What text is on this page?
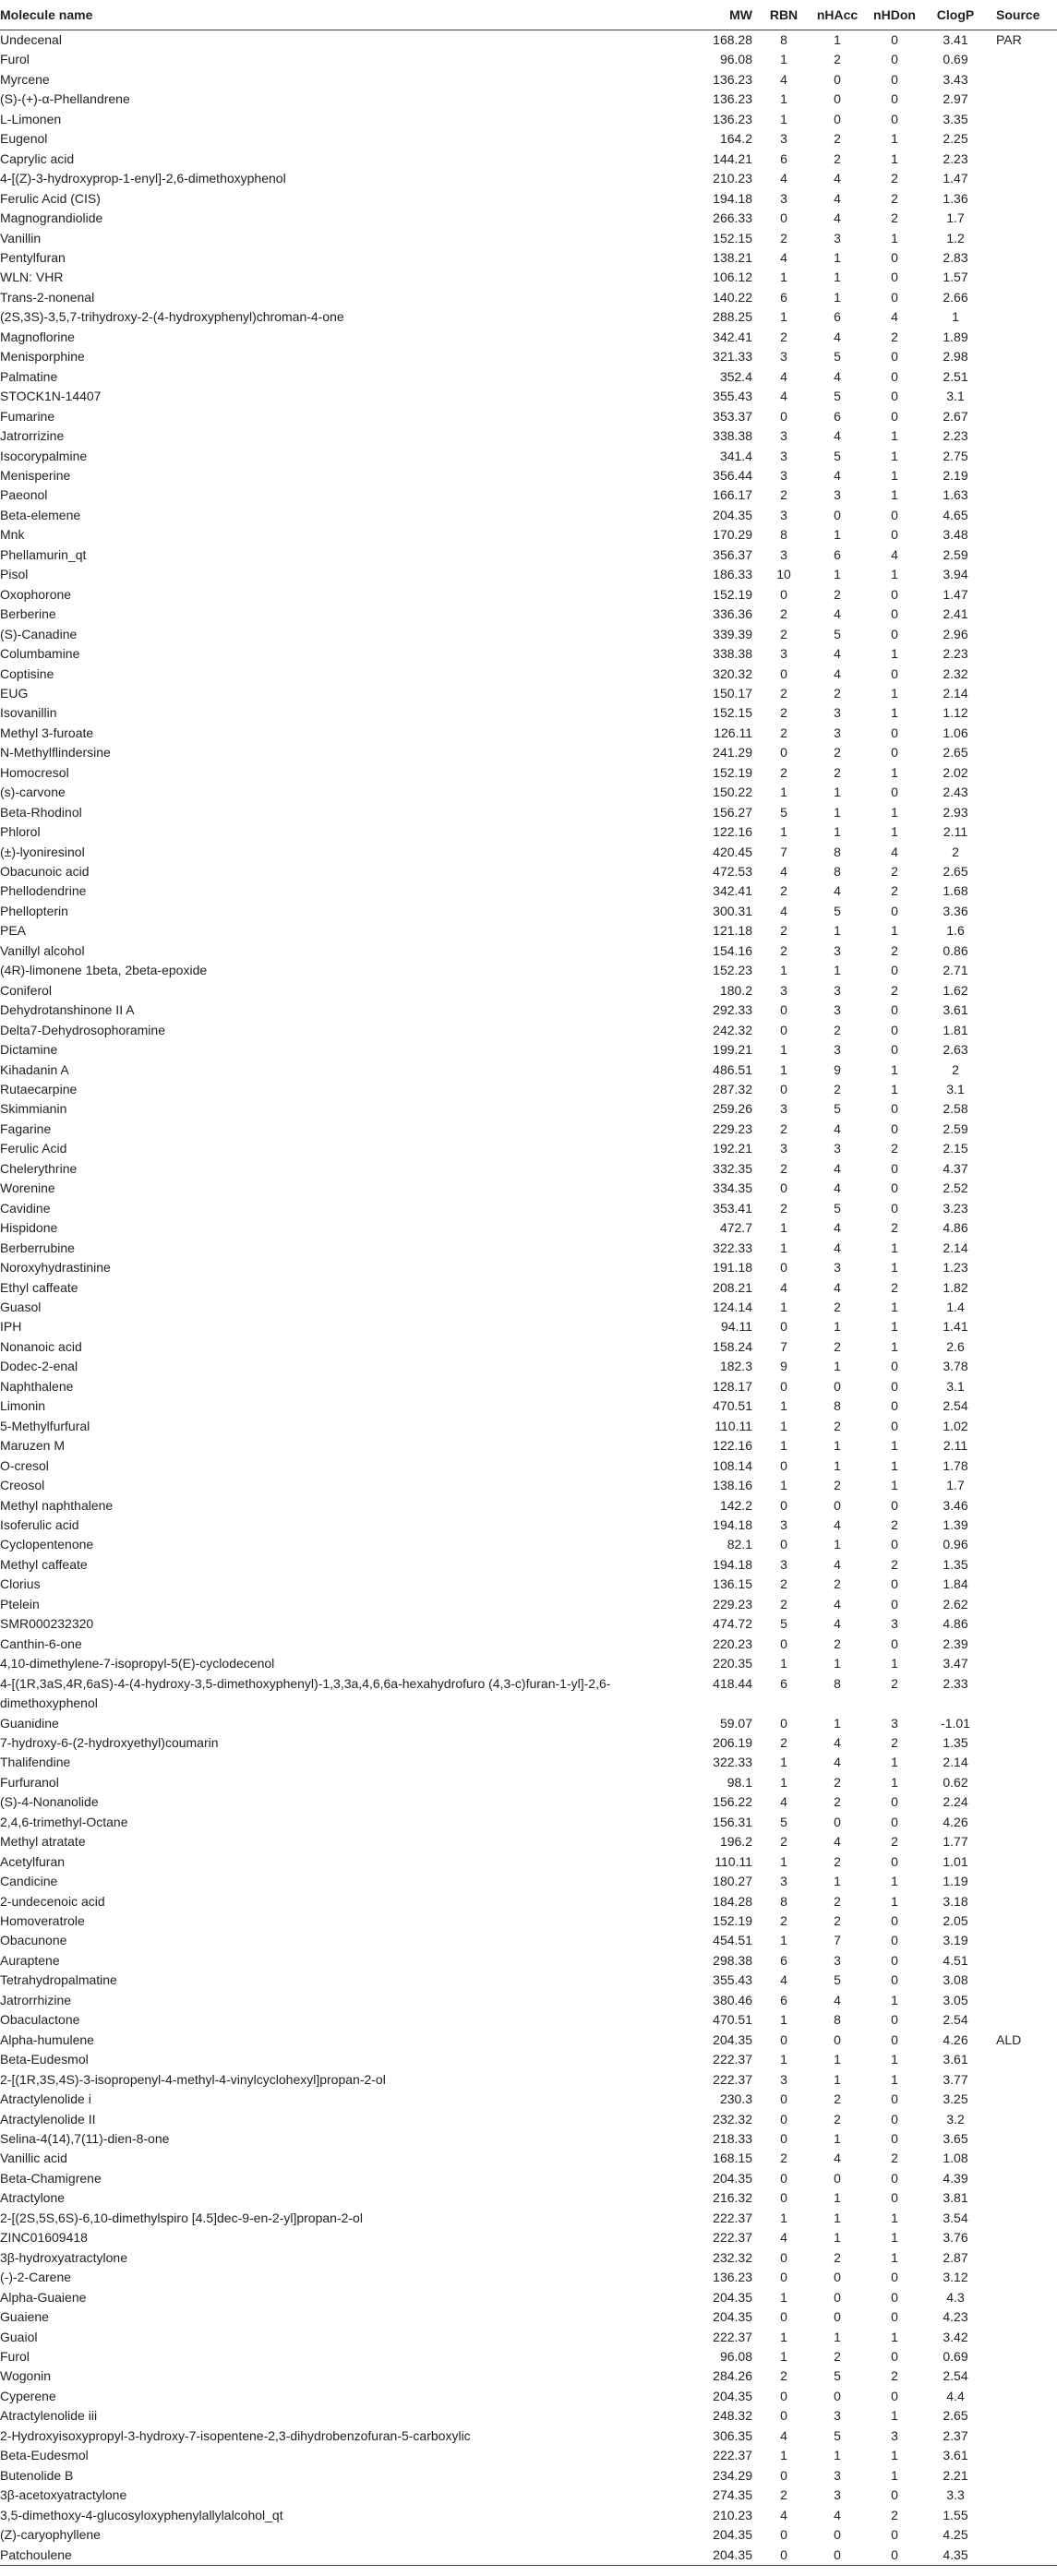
Molecule name	MW	RBN	nHAcc	nHDon	ClogP	Source
Undecenal	168.28	8	1	0	3.41	PAR
Furol	96.08	1	2	0	0.69	
Myrcene	136.23	4	0	0	3.43	
(S)-(+)-α-Phellandrene	136.23	1	0	0	2.97	
L-Limonen	136.23	1	0	0	3.35	
Eugenol	164.2	3	2	1	2.25	
Caprylic acid	144.21	6	2	1	2.23	
4-[(Z)-3-hydroxyprop-1-enyl]-2,6-dimethoxyphenol	210.23	4	4	2	1.47	
Ferulic Acid (CIS)	194.18	3	4	2	1.36	
Magnograndiolide	266.33	0	4	2	1.7	
Vanillin	152.15	2	3	1	1.2	
Pentylfuran	138.21	4	1	0	2.83	
WLN: VHR	106.12	1	1	0	1.57	
Trans-2-nonenal	140.22	6	1	0	2.66	
(2S,3S)-3,5,7-trihydroxy-2-(4-hydroxyphenyl)chroman-4-one	288.25	1	6	4	1	
Magnoflorine	342.41	2	4	2	1.89	
Menisporphine	321.33	3	5	0	2.98	
Palmatine	352.4	4	4	0	2.51	
STOCK1N-14407	355.43	4	5	0	3.1	
Fumarine	353.37	0	6	0	2.67	
Jatrorrizine	338.38	3	4	1	2.23	
Isocorypalmine	341.4	3	5	1	2.75	
Menisperine	356.44	3	4	1	2.19	
Paeonol	166.17	2	3	1	1.63	
Beta-elemene	204.35	3	0	0	4.65	
Mnk	170.29	8	1	0	3.48	
Phellamurin_qt	356.37	3	6	4	2.59	
Pisol	186.33	10	1	1	3.94	
Oxophorone	152.19	0	2	0	1.47	
Berberine	336.36	2	4	0	2.41	
(S)-Canadine	339.39	2	5	0	2.96	
Columbamine	338.38	3	4	1	2.23	
Coptisine	320.32	0	4	0	2.32	
EUG	150.17	2	2	1	2.14	
Isovanillin	152.15	2	3	1	1.12	
Methyl 3-furoate	126.11	2	3	0	1.06	
N-Methylflindersine	241.29	0	2	0	2.65	
Homocresol	152.19	2	2	1	2.02	
(s)-carvone	150.22	1	1	0	2.43	
Beta-Rhodinol	156.27	5	1	1	2.93	
Phlorol	122.16	1	1	1	2.11	
(±)-lyoniresinol	420.45	7	8	4	2	
Obacunoic acid	472.53	4	8	2	2.65	
Phellodendrine	342.41	2	4	2	1.68	
Phellopterin	300.31	4	5	0	3.36	
PEA	121.18	2	1	1	1.6	
Vanillyl alcohol	154.16	2	3	2	0.86	
(4R)-limonene 1beta, 2beta-epoxide	152.23	1	1	0	2.71	
Coniferol	180.2	3	3	2	1.62	
Dehydrotanshinone II A	292.33	0	3	0	3.61	
Delta7-Dehydrosophoramine	242.32	0	2	0	1.81	
Dictamine	199.21	1	3	0	2.63	
Kihadanin A	486.51	1	9	1	2	
Rutaecarpine	287.32	0	2	1	3.1	
Skimmianin	259.26	3	5	0	2.58	
Fagarine	229.23	2	4	0	2.59	
Ferulic Acid	192.21	3	3	2	2.15	
Chelerythrine	332.35	2	4	0	4.37	
Worenine	334.35	0	4	0	2.52	
Cavidine	353.41	2	5	0	3.23	
Hispidone	472.7	1	4	2	4.86	
Berberrubine	322.33	1	4	1	2.14	
Noroxyhydrastinine	191.18	0	3	1	1.23	
Ethyl caffeate	208.21	4	4	2	1.82	
Guasol	124.14	1	2	1	1.4	
IPH	94.11	0	1	1	1.41	
Nonanoic acid	158.24	7	2	1	2.6	
Dodec-2-enal	182.3	9	1	0	3.78	
Naphthalene	128.17	0	0	0	3.1	
Limonin	470.51	1	8	0	2.54	
5-Methylfurfural	110.11	1	2	0	1.02	
Maruzen M	122.16	1	1	1	2.11	
O-cresol	108.14	0	1	1	1.78	
Creosol	138.16	1	2	1	1.7	
Methyl naphthalene	142.2	0	0	0	3.46	
Isoferulic acid	194.18	3	4	2	1.39	
Cyclopentenone	82.1	0	1	0	0.96	
Methyl caffeate	194.18	3	4	2	1.35	
Clorius	136.15	2	2	0	1.84	
Ptelein	229.23	2	4	0	2.62	
SMR000232320	474.72	5	4	3	4.86	
Canthin-6-one	220.23	0	2	0	2.39	
4,10-dimethylene-7-isopropyl-5(E)-cyclodecenol	220.35	1	1	1	3.47	
4-[(1R,3aS,4R,6aS)-4-(4-hydroxy-3,5-dimethoxyphenyl)-1,3,3a,4,6,6a-hexahydrofuro (4,3-c)furan-1-yl]-2,6-dimethoxyphenol	418.44	6	8	2	2.33	
Guanidine	59.07	0	1	3	-1.01	
7-hydroxy-6-(2-hydroxyethyl)coumarin	206.19	2	4	2	1.35	
Thalifendine	322.33	1	4	1	2.14	
Furfuranol	98.1	1	2	1	0.62	
(S)-4-Nonanolide	156.22	4	2	0	2.24	
2,4,6-trimethyl-Octane	156.31	5	0	0	4.26	
Methyl atratate	196.2	2	4	2	1.77	
Acetylfuran	110.11	1	2	0	1.01	
Candicine	180.27	3	1	1	1.19	
2-undecenoic acid	184.28	8	2	1	3.18	
Homoveratrole	152.19	2	2	0	2.05	
Obacunone	454.51	1	7	0	3.19	
Auraptene	298.38	6	3	0	4.51	
Tetrahydropalmatine	355.43	4	5	0	3.08	
Jatrorrhizine	380.46	6	4	1	3.05	
Obaculactone	470.51	1	8	0	2.54	
Alpha-humulene	204.35	0	0	0	4.26	ALD
Beta-Eudesmol	222.37	1	1	1	3.61	
2-[(1R,3S,4S)-3-isopropenyl-4-methyl-4-vinylcyclohexyl]propan-2-ol	222.37	3	1	1	3.77	
Atractylenolide i	230.3	0	2	0	3.25	
Atractylenolide II	232.32	0	2	0	3.2	
Selina-4(14),7(11)-dien-8-one	218.33	0	1	0	3.65	
Vanillic acid	168.15	2	4	2	1.08	
Beta-Chamigrene	204.35	0	0	0	4.39	
Atractylone	216.32	0	1	0	3.81	
2-[(2S,5S,6S)-6,10-dimethylspiro [4.5]dec-9-en-2-yl]propan-2-ol	222.37	1	1	1	3.54	
ZINC01609418	222.37	4	1	1	3.76	
3β-hydroxyatractylone	232.32	0	2	1	2.87	
(-)-2-Carene	136.23	0	0	0	3.12	
Alpha-Guaiene	204.35	1	0	0	4.3	
Guaiene	204.35	0	0	0	4.23	
Guaiol	222.37	1	1	1	3.42	
Furol	96.08	1	2	0	0.69	
Wogonin	284.26	2	5	2	2.54	
Cyperene	204.35	0	0	0	4.4	
Atractylenolide iii	248.32	0	3	1	2.65	
2-Hydroxyisoxypropyl-3-hydroxy-7-isopentene-2,3-dihydrobenzofuran-5-carboxylic	306.35	4	5	3	2.37	
Beta-Eudesmol	222.37	1	1	1	3.61	
Butenolide B	234.29	0	3	1	2.21	
3β-acetoxyatractylone	274.35	2	3	0	3.3	
3,5-dimethoxy-4-glucosyloxyphenylallylalcohol_qt	210.23	4	4	2	1.55	
(Z)-caryophyllene	204.35	0	0	0	4.25	
Patchoulene	204.35	0	0	0	4.35	
